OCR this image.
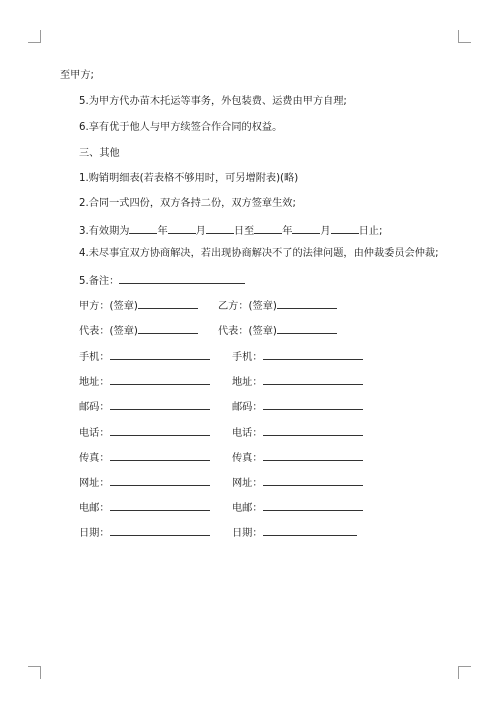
至甲方;
5.为甲方代办苗木托运等事务，外包装费、运费由甲方自理;
6.享有优于他人与甲方续签合作合同的权益。
三、其他
1.购销明细表(若表格不够用时，可另增附表)(略)
2.合同一式四份，双方各持二份，双方签章生效;
3.有效期为	年	月	日至	年	月	日止;
4.未尽事宜双方协商解决，若出现协商解决不了的法律问题，由仲裁委员会仲裁;
5.备注：
甲方：(签章)	乙方：(签章)
代表：(签章)	代表：(签章)
手机：	手机：
地址：	地址：
邮码：	邮码：
电话：	电话：
传真：	传真：
网址：	网址：
电邮：	电邮：
日期：	日期：
